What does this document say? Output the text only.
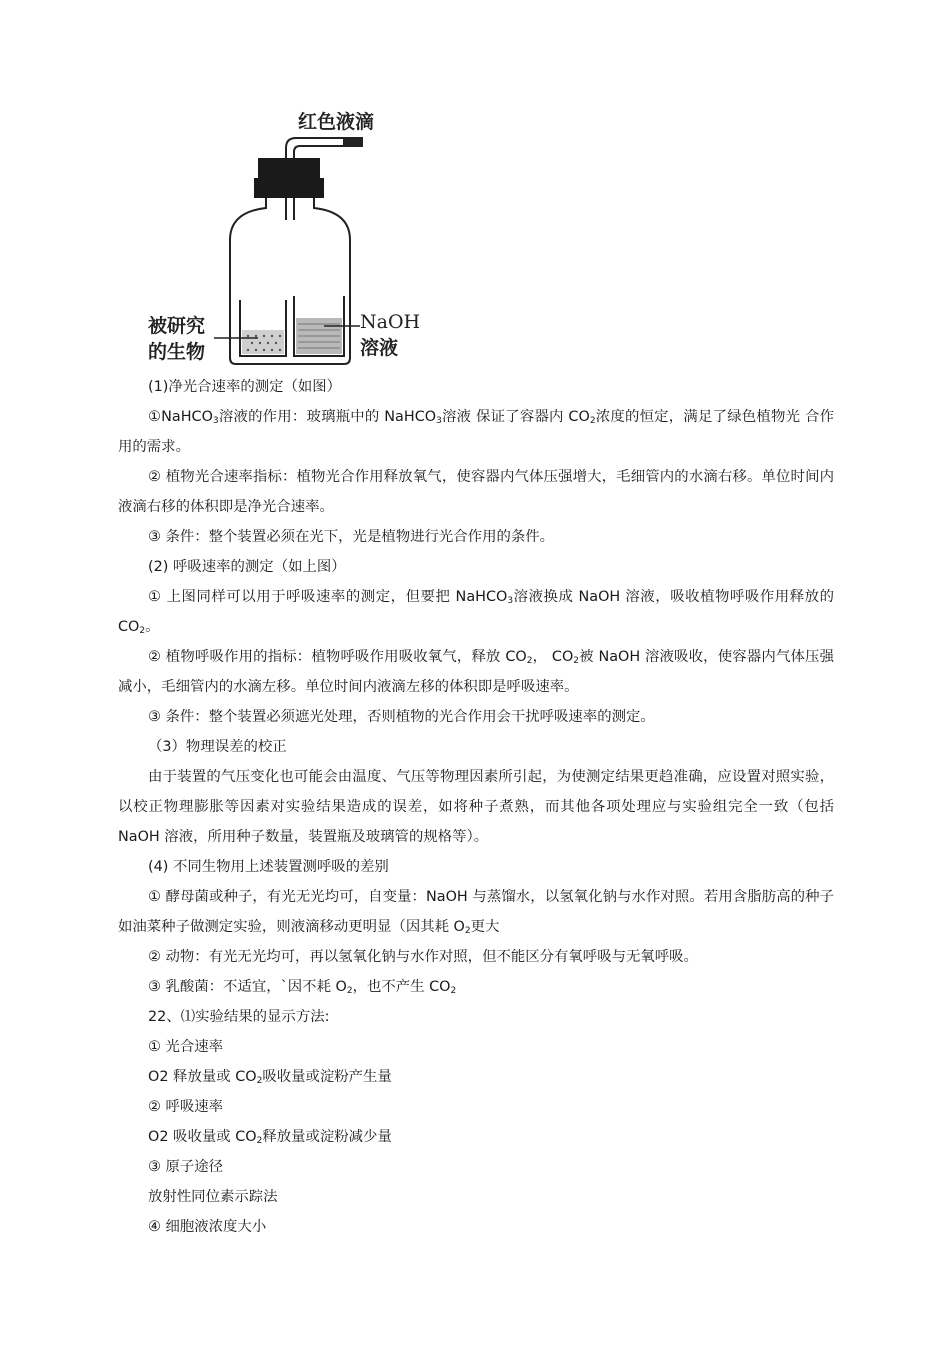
红色液滴
被研究
的生物
NaOH
溶液

(1)净光合速率的测定（如图）

①NaHCO$_3$溶液的作用：玻璃瓶中的 NaHCO$_3$溶液 保证了容器内 $CO_2$浓度的恒定，满足了绿色植物光 合作用的需求。

② 植物光合速率指标：植物光合作用释放氧气，使容器内气体压强增大，毛细管内的水滴右移。单位时间内液滴右移的体积即是净光合速率。

③ 条件：整个装置必须在光下，光是植物进行光合作用的条件。

(2) 呼吸速率的测定（如上图）

① 上图同样可以用于呼吸速率的测定，但要把 NaHCO$_3$溶液换成 NaOH 溶液，吸收植物呼吸作用释放的 $CO_2$。

② 植物呼吸作用的指标：植物呼吸作用吸收氧气，释放 $CO_2$， $CO_2$被 NaOH 溶液吸收，使容器内气体压强减小，毛细管内的水滴左移。单位时间内液滴左移的体积即是呼吸速率。

③ 条件：整个装置必须遮光处理，否则植物的光合作用会干扰呼吸速率的测定。

（3）物理误差的校正

由于装置的气压变化也可能会由温度、气压等物理因素所引起，为使测定结果更趋准确，应设置对照实验，以校正物理膨胀等因素对实验结果造成的误差，如将种子煮熟，而其他各项处理应与实验组完全一致（包括 NaOH 溶液，所用种子数量，装置瓶及玻璃管的规格等）。

(4) 不同生物用上述装置测呼吸的差别

① 酵母菌或种子，有光无光均可，自变量：NaOH 与蒸馏水，以氢氧化钠与水作对照。若用含脂肪高的种子如油菜种子做测定实验，则液滴移动更明显（因其耗 $O_2$更大

② 动物：有光无光均可，再以氢氧化钠与水作对照，但不能区分有氧呼吸与无氧呼吸。

③ 乳酸菌：不适宜，`因不耗 $O_2$，也不产生 $CO_2$

22、⑴实验结果的显示方法:

① 光合速率

O2 释放量或 $CO_2$吸收量或淀粉产生量

② 呼吸速率

O2 吸收量或 $CO_2$释放量或淀粉减少量

③ 原子途径

放射性同位素示踪法

④ 细胞液浓度大小
